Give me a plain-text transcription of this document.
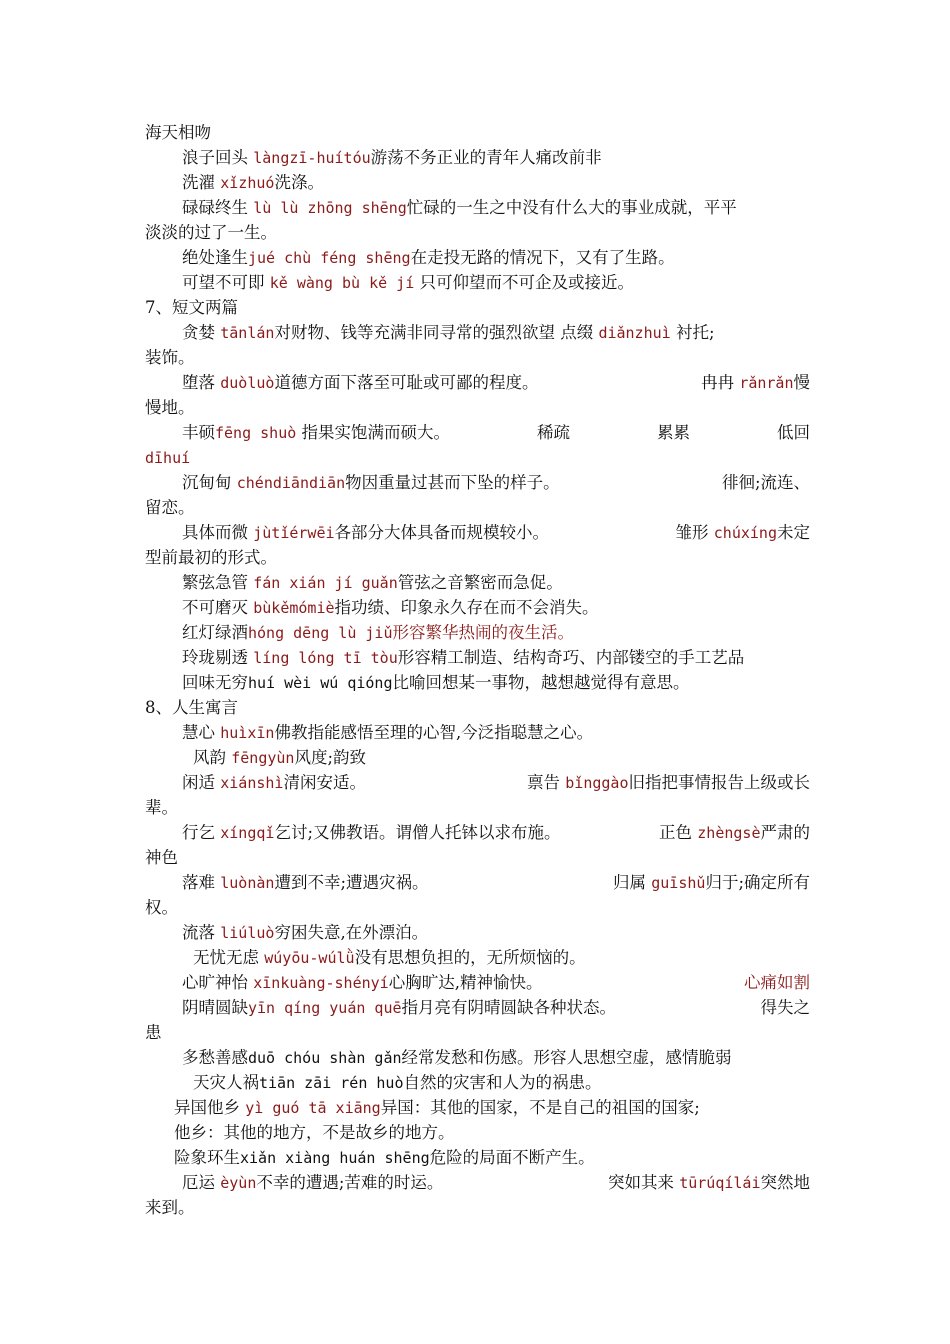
海天相吻
浪子回头 làngzī-huítóu游荡不务正业的青年人痛改前非
洗濯 xǐzhuó洗涤。
碌碌终生 lù lù zhōng shēng忙碌的一生之中没有什么大的事业成就，平平
淡淡的过了一生。
绝处逢生jué chù féng shēng在走投无路的情况下，又有了生路。
可望不可即 kě wàng bù kě jí 只可仰望而不可企及或接近。
7、短文两篇
贪婪 tānlán对财物、钱等充满非同寻常的强烈欲望 点缀 diǎnzhuì 衬托;
装饰。
堕落 duòluò道德方面下落至可耻或可鄙的程度。	冉冉 rǎnrǎn慢
慢地。
丰硕fēng shuò 指果实饱满而硕大。	稀疏	累累	低回
dīhuí
沉甸甸 chéndiāndiān物因重量过甚而下坠的样子。	徘徊;流连、
留恋。
具体而微 jùtǐérwēi各部分大体具备而规模较小。	雏形 chúxíng未定
型前最初的形式。
繁弦急管 fán xián jí guǎn管弦之音繁密而急促。
不可磨灭 bùkěmómiè指功绩、印象永久存在而不会消失。
红灯绿酒hóng dēng lù jiǔ形容繁华热闹的夜生活。
玲珑剔透 líng lóng tī tòu形容精工制造、结构奇巧、内部镂空的手工艺品
回味无穷huí wèi wú qióng比喻回想某一事物，越想越觉得有意思。
8、人生寓言
慧心 huìxīn佛教指能感悟至理的心智,今泛指聪慧之心。
风韵 fēngyùn风度;韵致
闲适 xiánshì清闲安适。	禀告 bǐnggào旧指把事情报告上级或长
辈。
行乞 xíngqǐ乞讨;又佛教语。谓僧人托钵以求布施。	正色 zhèngsè严肃的
神色
落难 luònàn遭到不幸;遭遇灾祸。	归属 guīshǔ归于;确定所有
权。
流落 liúluò穷困失意,在外漂泊。
无忧无虑 wúyōu-wúlǜ没有思想负担的，无所烦恼的。
心旷神怡 xīnkuàng-shényí心胸旷达,精神愉快。	心痛如割
阴晴圆缺yīn qíng yuán quē指月亮有阴晴圆缺各种状态。	得失之
患
多愁善感duō chóu shàn gǎn经常发愁和伤感。形容人思想空虚，感情脆弱
天灾人祸tiān zāi rén huò自然的灾害和人为的祸患。
异国他乡 yì guó tā xiāng异国：其他的国家，不是自己的祖国的国家;
他乡：其他的地方，不是故乡的地方。
险象环生xiǎn xiàng huán shēng危险的局面不断产生。
厄运 èyùn不幸的遭遇;苦难的时运。	突如其来 tūrúqílái突然地
来到。
